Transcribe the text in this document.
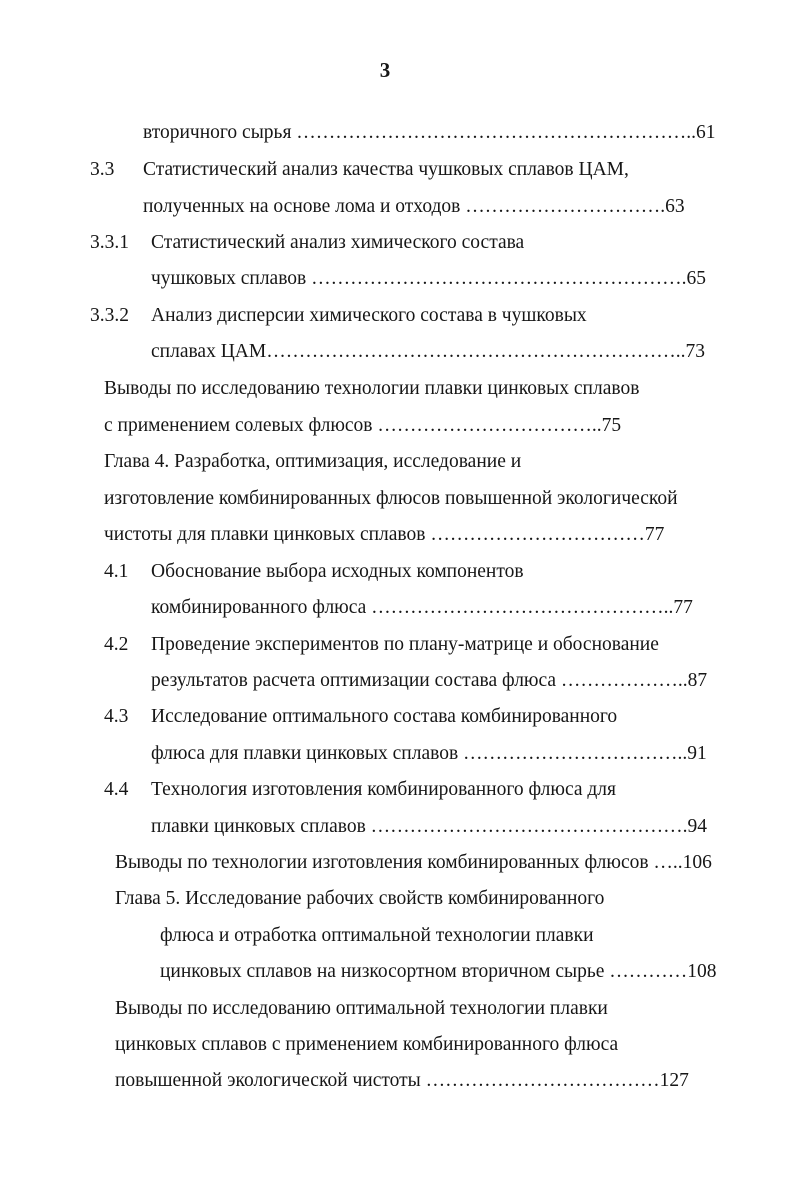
3
вторичного сырья ……………………………………………………..61
3.3 Статистический анализ качества чушковых сплавов ЦАМ,
полученных на основе лома и отходов ………………………….63
3.3.1 Статистический анализ химического состава
чушковых сплавов ………………………………………………….65
3.3.2 Анализ дисперсии химического состава в чушковых
сплавах ЦАМ………………………………………………………..73
Выводы по исследованию технологии плавки цинковых сплавов
с применением солевых флюсов ……………………………..75
Глава 4. Разработка, оптимизация, исследование и
изготовление комбинированных флюсов повышенной экологической
чистоты для плавки цинковых сплавов ……………………………77
4.1 Обоснование выбора исходных компонентов
комбинированного флюса ………………………………………..77
4.2 Проведение экспериментов по плану-матрице и обоснование
результатов расчета оптимизации состава флюса ………………..87
4.3 Исследование оптимального состава комбинированного
флюса для плавки цинковых сплавов ……………………………..91
4.4 Технология изготовления комбинированного флюса для
плавки цинковых сплавов ………………………………………….94
Выводы по технологии изготовления комбинированных флюсов …..106
Глава 5. Исследование рабочих свойств комбинированного
флюса и отработка оптимальной технологии плавки
цинковых сплавов на низкосортном вторичном сырье …………108
Выводы по исследованию оптимальной технологии плавки
цинковых сплавов с применением комбинированного флюса
повышенной экологической чистоты ………………………………127
